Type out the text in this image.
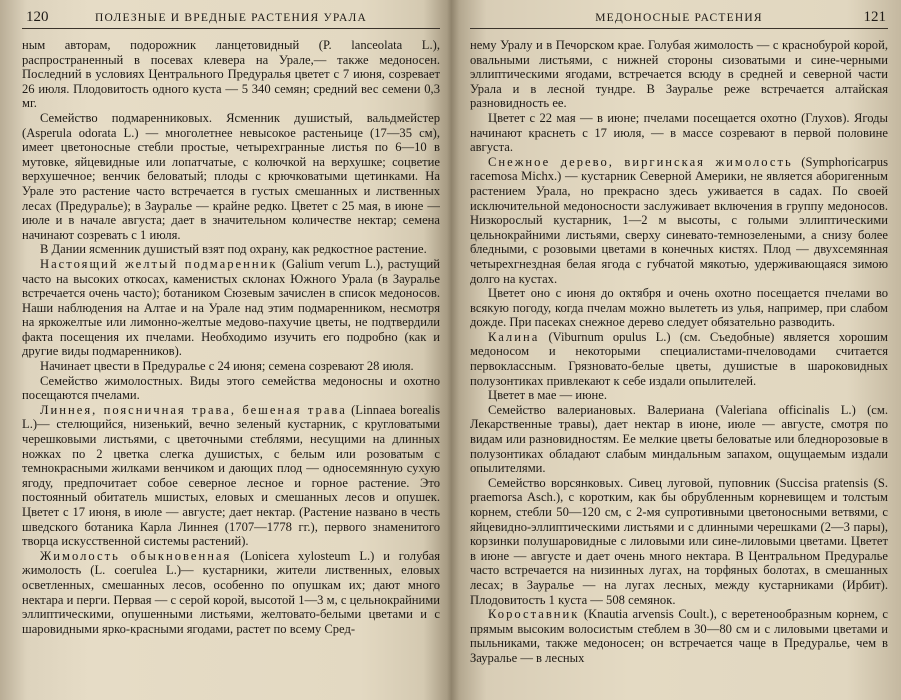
120	ПОЛЕЗНЫЕ И ВРЕДНЫЕ РАСТЕНИЯ УРАЛА

ным авторам, подорожник ланцетовидный (P. lanceolata L.), распространенный в посевах клевера на Урале,— также медоносен. Последний в условиях Центрального Предуралья цветет с 7 июня, созревает 26 июля. Плодовитость одного куста — 5 340 семян; средний вес семени 0,3 мг.

Семейство подмаренниковых. Ясменник душистый, вальдмейстер (Asperula odorata L.) — многолетнее невысокое растеньице (17—35 см), имеет цветоносные стебли простые, четырехгранные листья по 6—10 в мутовке, яйцевидные или лопатчатые, с колючкой на верхушке; соцветие верхушечное; венчик беловатый; плоды с крючковатыми щетинками. На Урале это растение часто встречается в густых смешанных и лиственных лесах (Предуралье); в Зауралье — крайне редко. Цветет с 25 мая, в июне — июле и в начале августа; дает в значительном количестве нектар; семена начинают созревать с 1 июля.

В Дании ясменник душистый взят под охрану, как редкостное растение.

Настоящий желтый подмаренник (Galium verum L.), растущий часто на высоких откосах, каменистых склонах Южного Урала (в Зауралье встречается очень часто); ботаником Сюзевым зачислен в список медоносов. Наши наблюдения на Алтае и на Урале над этим подмаренником, несмотря на яркожелтые или лимонно-желтые медово-пахучие цветы, не подтвердили факта посещения их пчелами. Необходимо изучить его подробно (как и другие виды подмаренников).

Начинает цвести в Предуралье с 24 июня; семена созревают 28 июля.

Семейство жимолостных. Виды этого семейства медоносны и охотно посещаются пчелами.

Линнея, поясничная трава, бешеная трава (Linnaea borealis L.)— стелющийся, низенький, вечно зеленый кустарник, с кругловатыми черешковыми листьями, с цветочными стеблями, несущими на длинных ножках по 2 цветка слегка душистых, с белым или розоватым с темнокрасными жилками венчиком и дающих плод — односемянную сухую ягоду, предпочитает собое северное лесное и горное растение. Это постоянный обитатель мшистых, еловых и смешанных лесов и опушек. Цветет с 17 июня, в июле — августе; дает нектар. (Растение названо в честь шведского ботаника Карла Линнея (1707—1778 гг.), первого знаменитого творца искусственной системы растений).

Жимолость обыкновенная (Lonicera xylosteum L.) и голубая жимолость (L. coerulea L.)— кустарники, жители лиственных, еловых осветленных, смешанных лесов, особенно по опушкам их; дают много нектара и перги. Первая — с серой корой, высотой 1—3 м, с цельнокрайними эллиптическими, опушенными листьями, желтовато-белыми цветами и с шаровидными ярко-красными ягодами, растет по всему Сред-

МЕДОНОСНЫЕ РАСТЕНИЯ	121

нему Уралу и в Печорском крае. Голубая жимолость — с краснобурой корой, овальными листьями, с нижней стороны сизоватыми и сине-черными эллиптическими ягодами, встречается всюду в средней и северной части Урала и в лесной тундре. В Зауралье реже встречается алтайская разновидность ее.

Цветет с 22 мая — в июне; пчелами посещается охотно (Глухов). Ягоды начинают краснеть с 17 июля, — в массе созревают в первой половине августа.

Снежное дерево, виргинская жимолость (Symphoricarpus racemosa Michx.) — кустарник Северной Америки, не является аборигенным растением Урала, но прекрасно здесь уживается в садах. По своей исключительной медоносности заслуживает включения в группу медоносов. Низкорослый кустарник, 1—2 м высоты, с голыми эллиптическими цельнокрайними листьями, сверху синевато-темнозелеными, а снизу более бледными, с розовыми цветами в конечных кистях. Плод — двухсемянная четырехгнездная белая ягода с губчатой мякотью, удерживающаяся зимою долго на кустах.

Цветет оно с июня до октября и очень охотно посещается пчелами во всякую погоду, когда пчелам можно вылететь из улья, например, при слабом дожде. При пасеках снежное дерево следует обязательно разводить.

Калина (Viburnum opulus L.) (см. Съедобные) является хорошим медоносом и некоторыми специалистами-пчеловодами считается первоклассным. Грязновато-белые цветы, душистые в шароковидных полузонтиках привлекают к себе издали опылителей.

Цветет в мае — июне.

Семейство валериановых. Валериана (Valeriana officinalis L.) (см. Лекарственные травы), дает нектар в июне, июле — августе, смотря по видам или разновидностям. Ее мелкие цветы беловатые или бледнорозовые в полузонтиках обладают слабым миндальным запахом, ощущаемым издали опылителями.

Семейство ворсянковых. Сивец луговой, пуповник (Succisa pratensis (S. praemorsa Asch.), с коротким, как бы обрубленным корневищем и толстым корнем, стебли 50—120 см, с 2-мя супротивными цветоносными ветвями, с яйцевидно-эллиптическими листьями и с длинными черешками (2—3 пары), корзинки полушаровидные с лиловыми или сине-лиловыми цветами. Цветет в июне — августе и дает очень много нектара. В Центральном Предуралье часто встречается на низинных лугах, на торфяных болотах, в смешанных лесах; в Зауралье — на лугах лесных, между кустарниками (Ирбит). Плодовитость 1 куста — 508 семянок.

Короставник (Knautia arvensis Coult.), с веретенообразным корнем, с прямым высоким волосистым стеблем в 30—80 см и с лиловыми цветами и пыльниками, также медоносен; он встречается чаще в Предуралье, чем в Зауралье — в лесных
